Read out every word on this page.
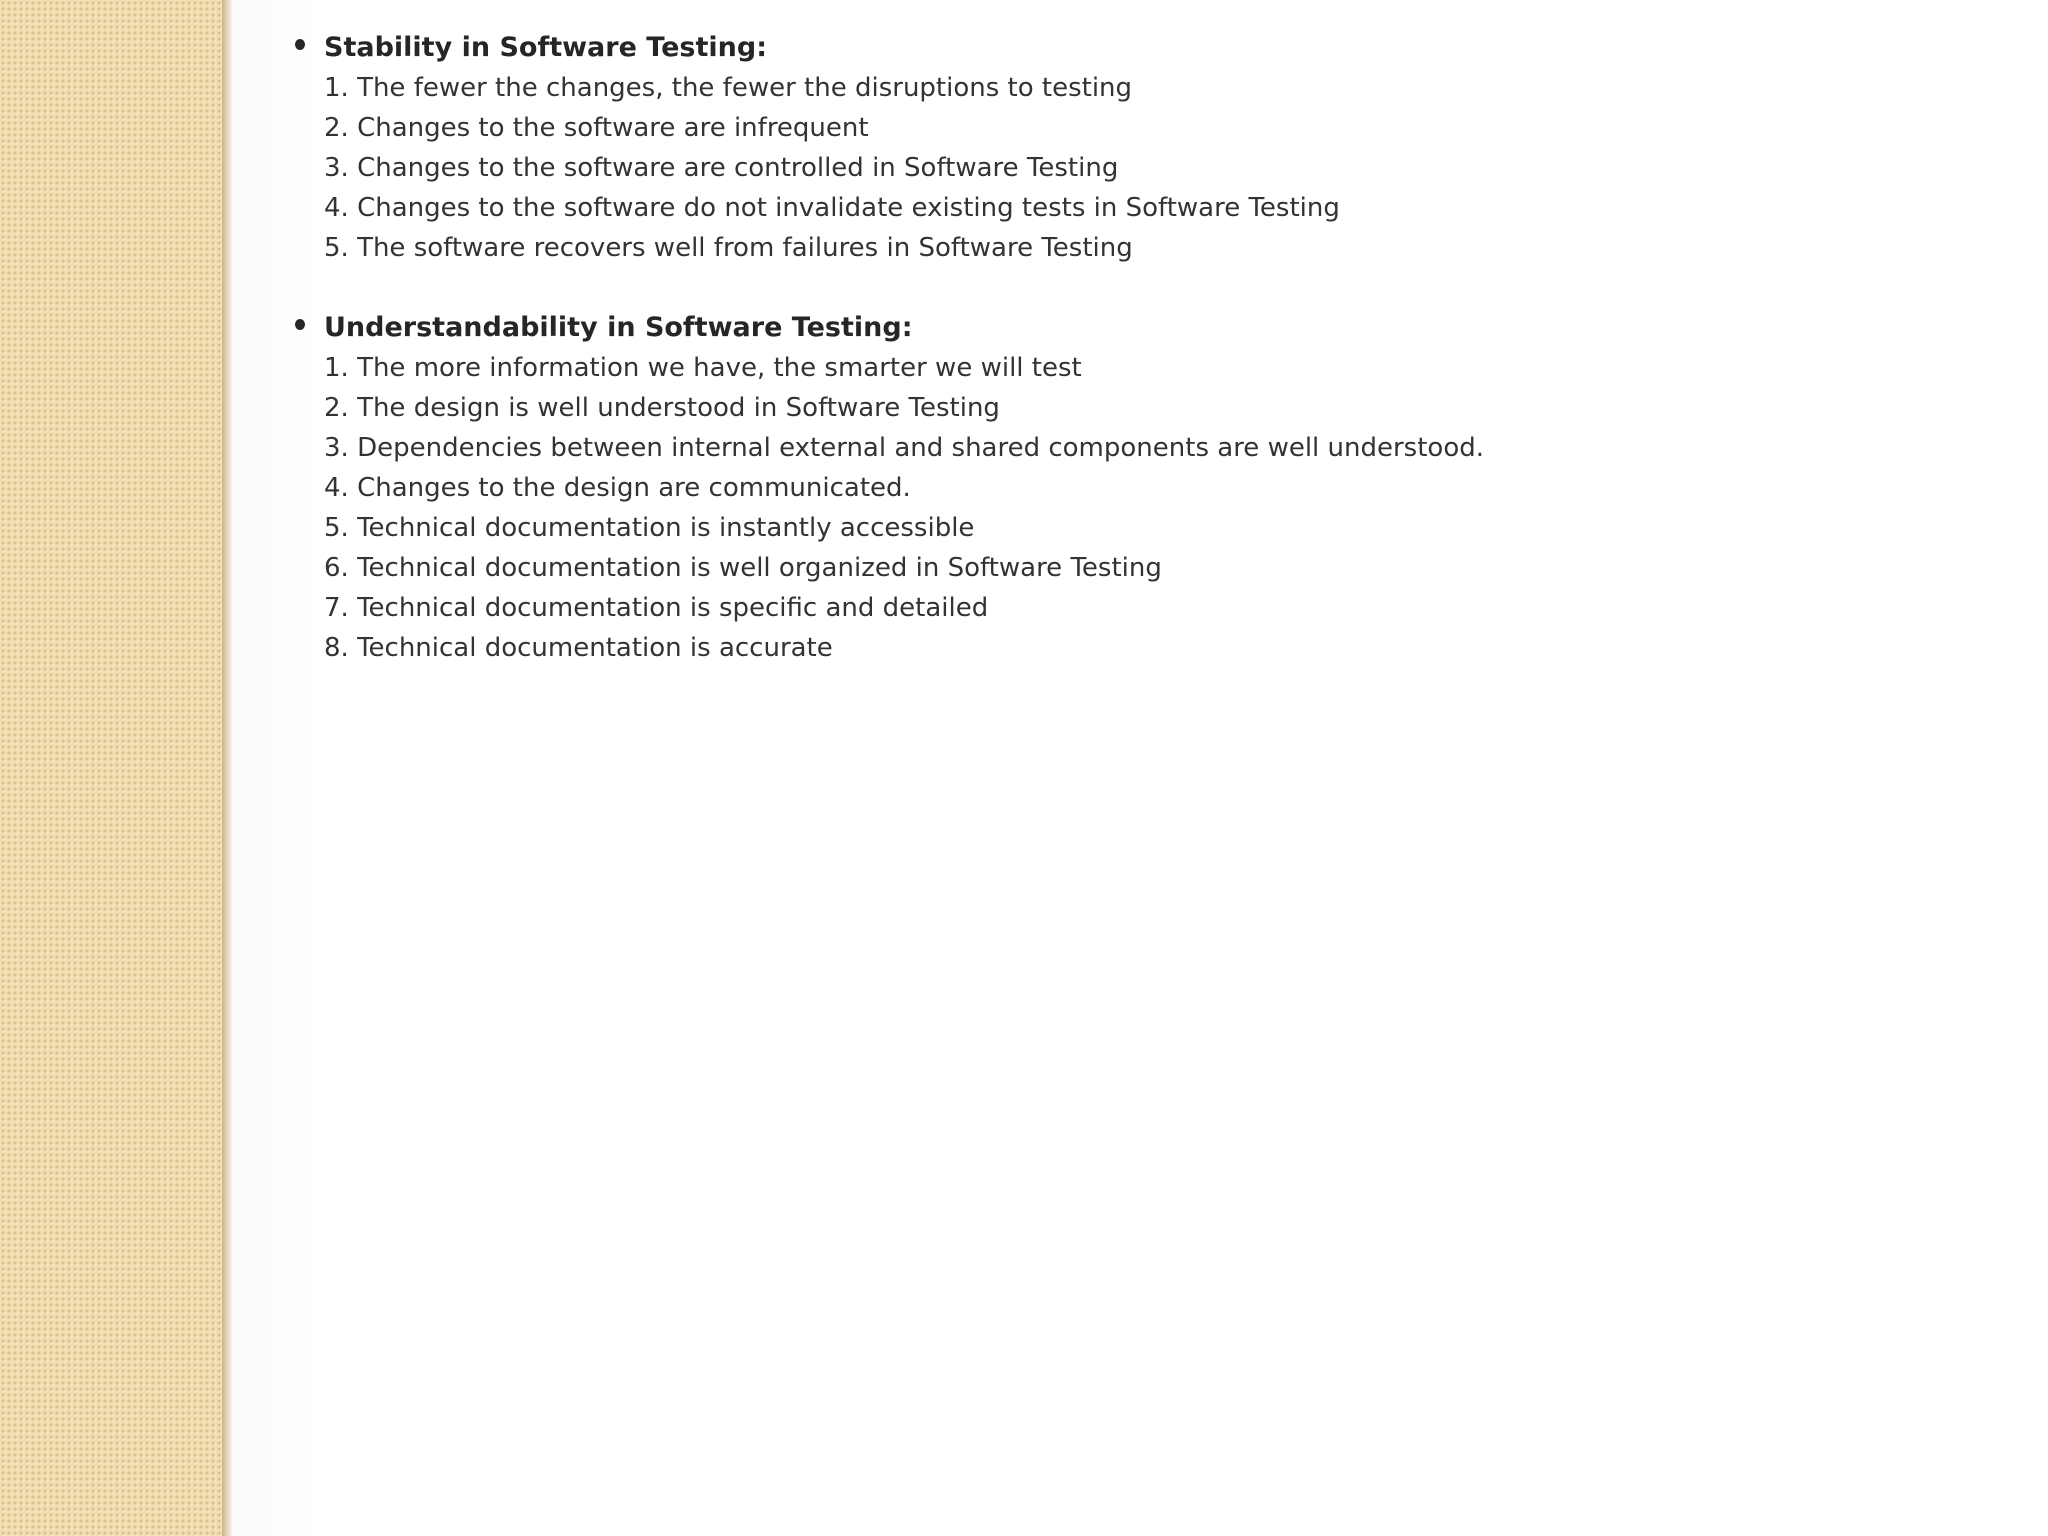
Stability in Software Testing:
1. The fewer the changes, the fewer the disruptions to testing
2. Changes to the software are infrequent
3. Changes to the software are controlled in Software Testing
4. Changes to the software do not invalidate existing tests in Software Testing
5. The software recovers well from failures in Software Testing
Understandability in Software Testing:
1. The more information we have, the smarter we will test
2. The design is well understood in Software Testing
3. Dependencies between internal external and shared components are well understood.
4. Changes to the design are communicated.
5. Technical documentation is instantly accessible
6. Technical documentation is well organized in Software Testing
7. Technical documentation is specific and detailed
8. Technical documentation is accurate
